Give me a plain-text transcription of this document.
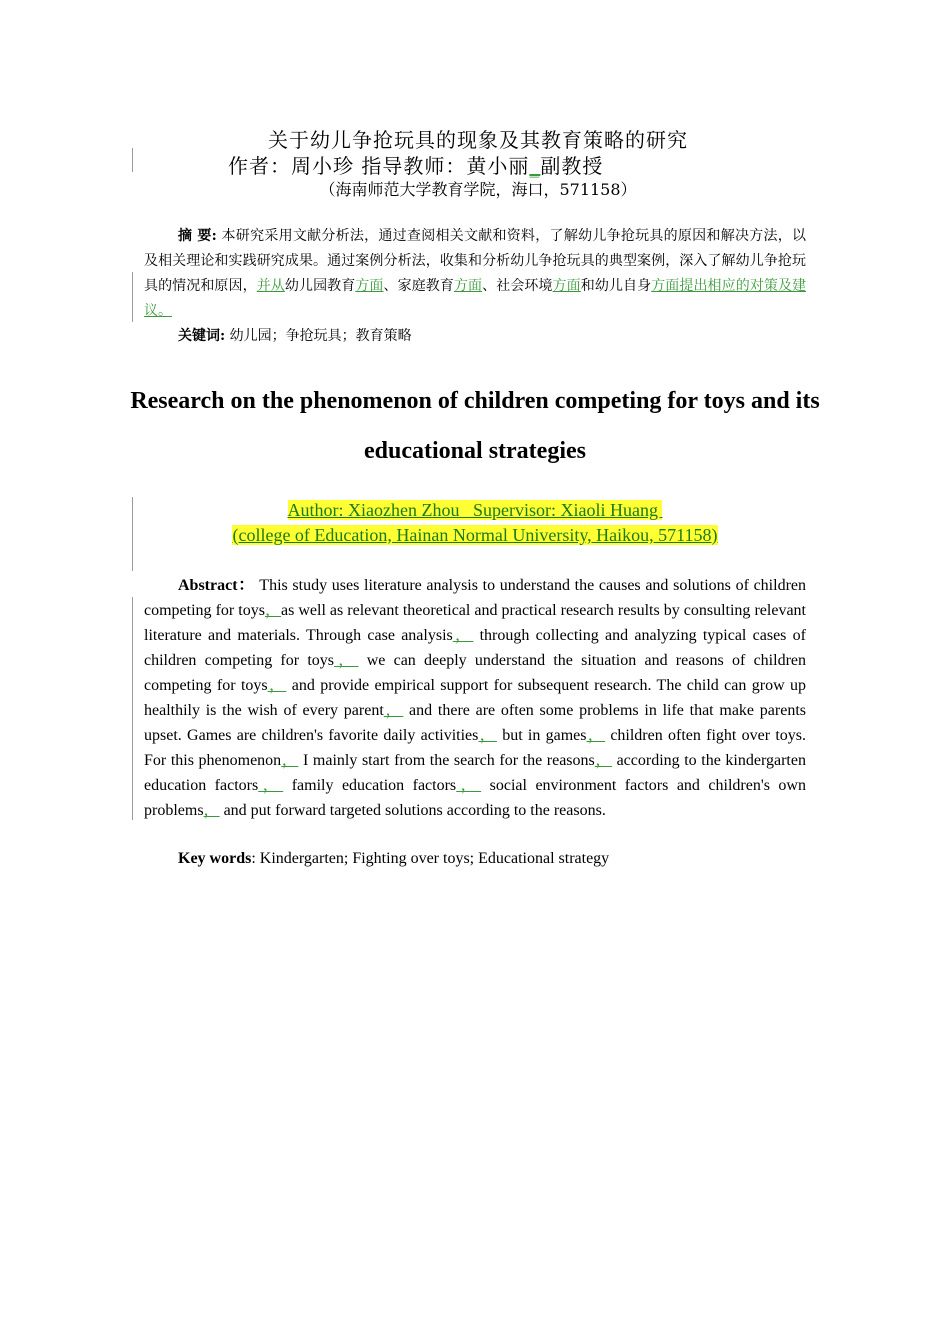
关于幼儿争抢玩具的现象及其教育策略的研究
作者：周小珍 指导教师：黄小丽_副教授
（海南师范大学教育学院，海口，571158）

摘 要: 本研究采用文献分析法，通过查阅相关文献和资料，了解幼儿争抢玩具的原因和解决方法，以及相关理论和实践研究成果。通过案例分析法，收集和分析幼儿争抢玩具的典型案例，深入了解幼儿争抢玩具的情况和原因，并从幼儿园教育方面、家庭教育方面、社会环境方面和幼儿自身方面提出相应的对策及建议。

关键词: 幼儿园；争抢玩具；教育策略
Research on the phenomenon of children competing for toys and its educational strategies
Author: Xiaozhen Zhou   Supervisor: Xiaoli Huang
(college of Education, Hainan Normal University, Haikou, 571158)

Abstract： This study uses literature analysis to understand the causes and solutions of children competing for toys，as well as relevant theoretical and practical research results by consulting relevant literature and materials. Through case analysis， through collecting and analyzing typical cases of children competing for toys， we can deeply understand the situation and reasons of children competing for toys， and provide empirical support for subsequent research. The child can grow up healthily is the wish of every parent， and there are often some problems in life that make parents upset. Games are children's favorite daily activities， but in games， children often fight over toys. For this phenomenon， I mainly start from the search for the reasons， according to the kindergarten education factors， family education factors， social environment factors and children's own problems， and put forward targeted solutions according to the reasons.

Key words: Kindergarten; Fighting over toys; Educational strategy
